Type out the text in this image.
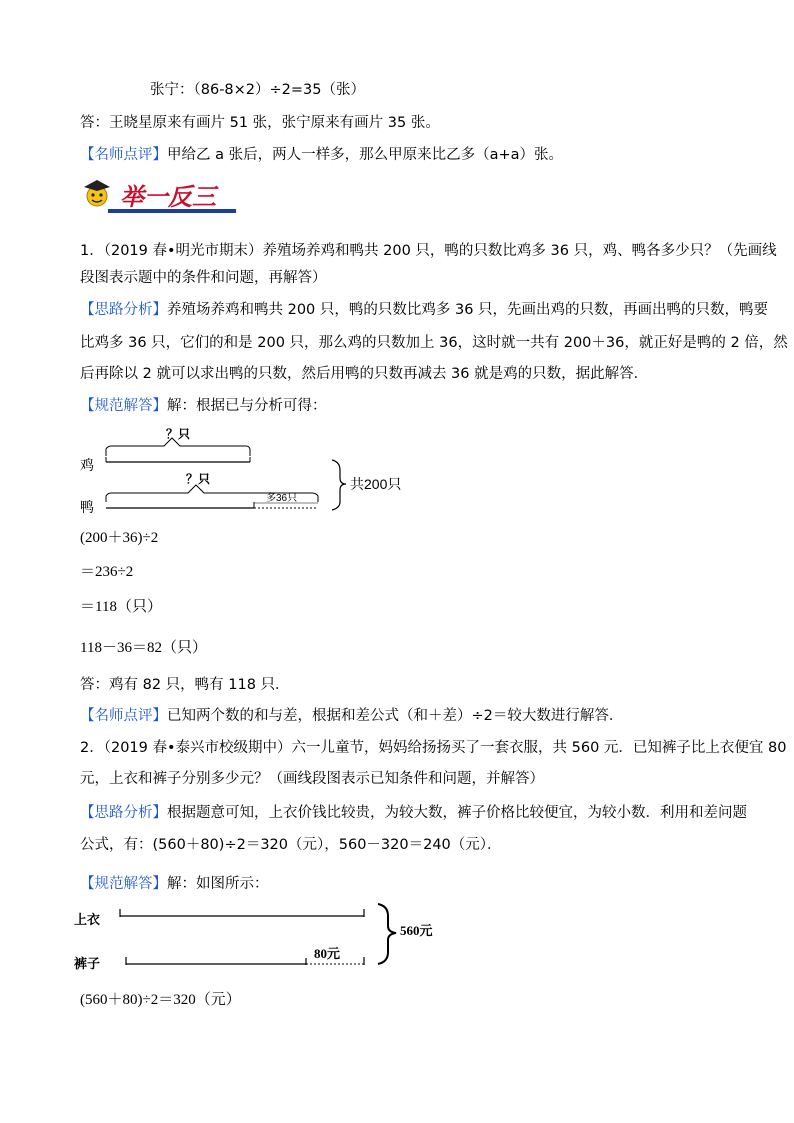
张宁：（86-8×2）÷2=35（张）
答：王晓星原来有画片 51 张，张宁原来有画片 35 张。
【名师点评】甲给乙 a 张后，两人一样多，那么甲原来比乙多（a+a）张。
举一反三
1．（2019 春•明光市期末）养殖场养鸡和鸭共 200 只，鸭的只数比鸡多 36 只，鸡、鸭各多少只？（先画线
段图表示题中的条件和问题，再解答）
【思路分析】养殖场养鸡和鸭共 200 只，鸭的只数比鸡多 36 只，先画出鸡的只数，再画出鸭的只数，鸭要
比鸡多 36 只，它们的和是 200 只，那么鸡的只数加上 36，这时就一共有 200＋36，就正好是鸭的 2 倍，然
后再除以 2 就可以求出鸭的只数，然后用鸭的只数再减去 36 就是鸡的只数，据此解答．
【规范解答】解：根据已与分析可得：
？只
鸡
？只
鸭
多36只
共200只
(200＋36)÷2
＝236÷2
＝118（只）
118－36＝82（只）
答：鸡有 82 只，鸭有 118 只．
【名师点评】已知两个数的和与差，根据和差公式（和＋差）÷2＝较大数进行解答．
2．（2019 春•泰兴市校级期中）六一儿童节，妈妈给扬扬买了一套衣服，共 560 元．已知裤子比上衣便宜 80
元，上衣和裤子分别多少元？（画线段图表示已知条件和问题，并解答）
【思路分析】根据题意可知，上衣价钱比较贵，为较大数，裤子价格比较便宜，为较小数．利用和差问题
公式，有：(560＋80)÷2＝320（元），560－320＝240（元）．
【规范解答】解：如图所示：
上衣
裤子
80元
560元
(560＋80)÷2＝320（元）
